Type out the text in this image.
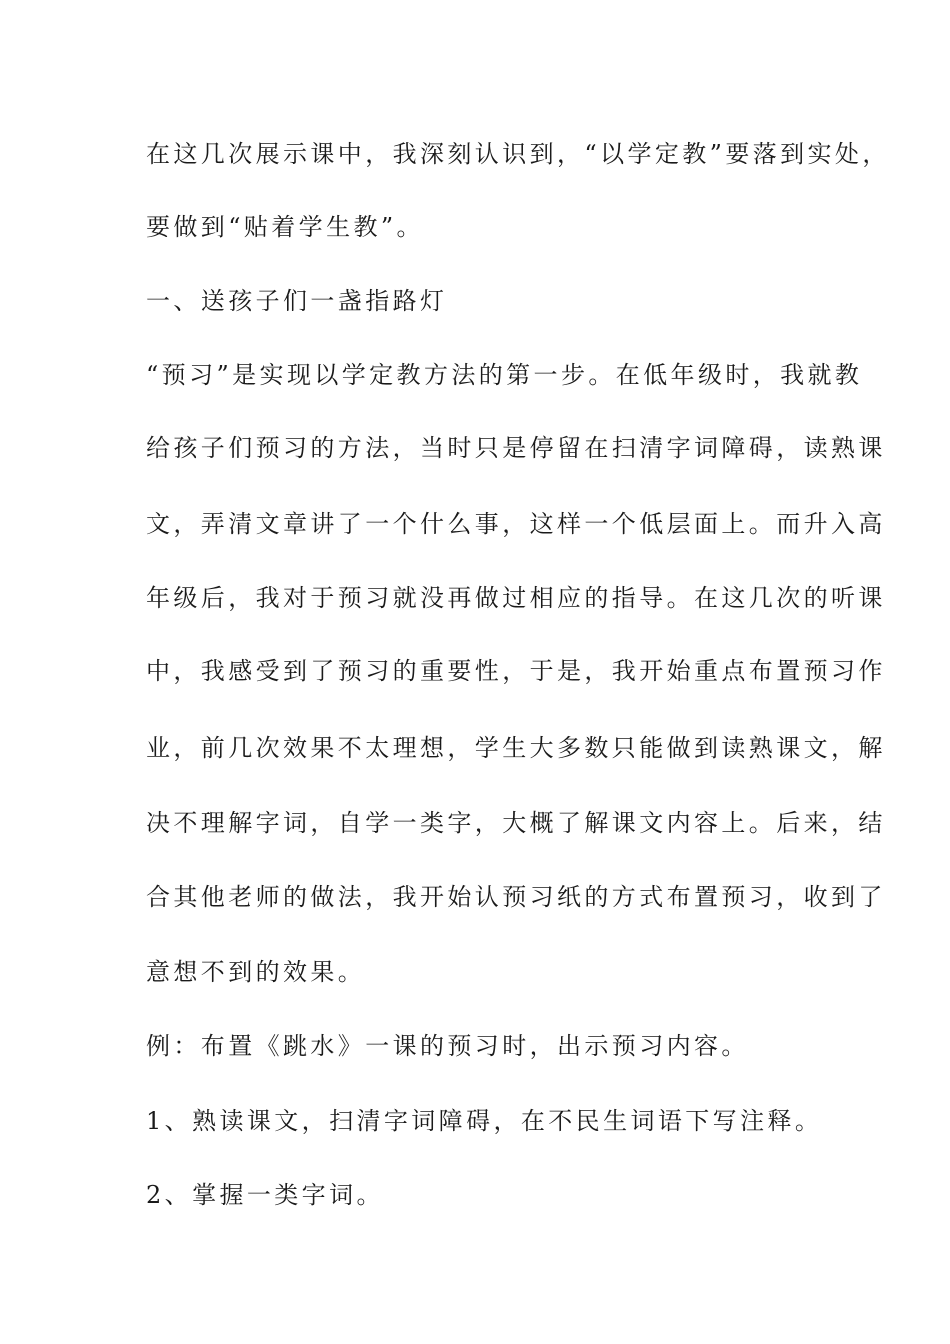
在这几次展示课中，我深刻认识到，“以学定教”要落到实处，
要做到“贴着学生教”。
一、送孩子们一盏指路灯
“预习”是实现以学定教方法的第一步。在低年级时，我就教
给孩子们预习的方法，当时只是停留在扫清字词障碍，读熟课
文，弄清文章讲了一个什么事，这样一个低层面上。而升入高
年级后，我对于预习就没再做过相应的指导。在这几次的听课
中，我感受到了预习的重要性，于是，我开始重点布置预习作
业，前几次效果不太理想，学生大多数只能做到读熟课文，解
决不理解字词，自学一类字，大概了解课文内容上。后来，结
合其他老师的做法，我开始认预习纸的方式布置预习，收到了
意想不到的效果。
例：布置《跳水》一课的预习时，出示预习内容。
1、熟读课文，扫清字词障碍，在不民生词语下写注释。
2、掌握一类字词。
